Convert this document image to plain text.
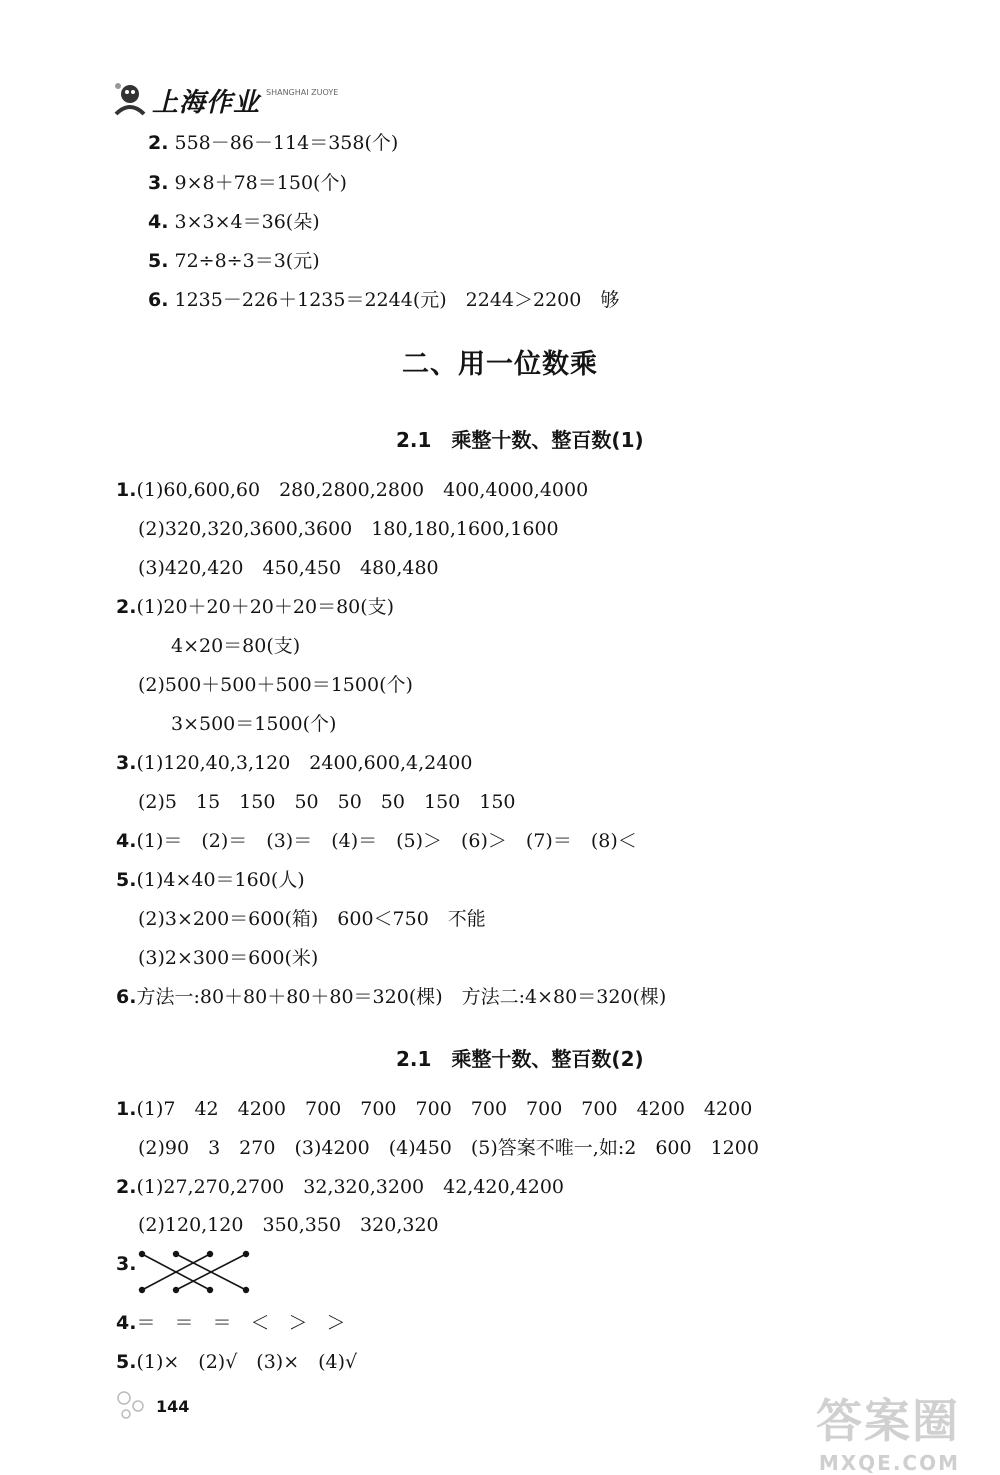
上海作业 SHANGHAI ZUOYE
2. 558－86－114＝358(个)
3. 9×8＋78＝150(个)
4. 3×3×4＝36(朵)
5. 72÷8÷3＝3(元)
6. 1235－226＋1235＝2244(元)　2244＞2200　够
二、用一位数乘
2.1　乘整十数、整百数(1)
1.(1)60,600,60　280,2800,2800　400,4000,4000
(2)320,320,3600,3600　180,180,1600,1600
(3)420,420　450,450　480,480
2.(1)20＋20＋20＋20＝80(支)
　4×20＝80(支)
(2)500＋500＋500＝1500(个)
　3×500＝1500(个)
3.(1)120,40,3,120　2400,600,4,2400
(2)5　15　150　50　50　50　150　150
4.(1)＝　(2)＝　(3)＝　(4)＝　(5)＞　(6)＞　(7)＝　(8)＜
5.(1)4×40＝160(人)
(2)3×200＝600(箱)　600＜750　不能
(3)2×300＝600(米)
6.方法一:80＋80＋80＋80＝320(棵)　方法二:4×80＝320(棵)
2.1　乘整十数、整百数(2)
1.(1)7　42　4200　700　700　700　700　700　700　4200　4200
(2)90　3　270　(3)4200　(4)450　(5)答案不唯一,如:2　600　1200
2.(1)27,270,2700　32,320,3200　42,420,4200
(2)120,120　350,350　320,320
3.
4.＝　＝　＝　＜　＞　＞
5.(1)×　(2)√　(3)×　(4)√
144	答案圈
MXQE.COM
